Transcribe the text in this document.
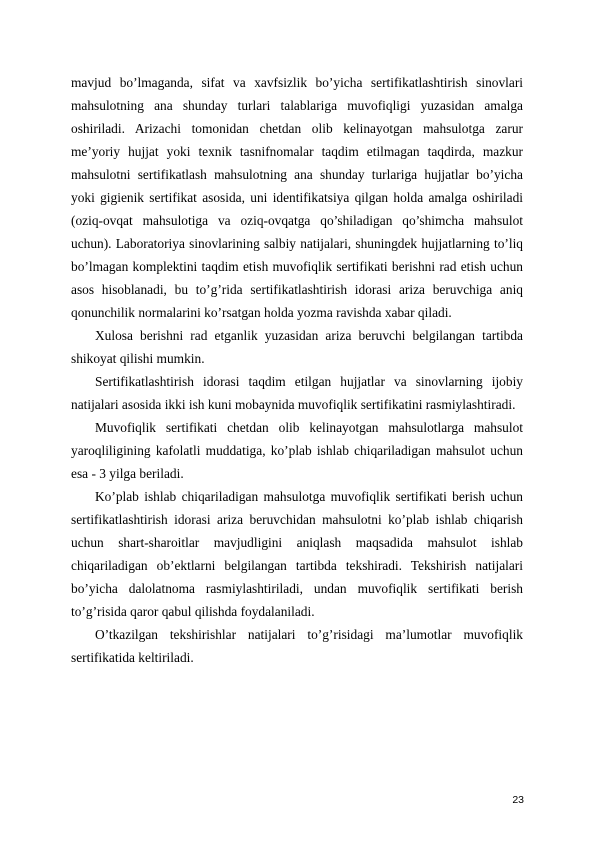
mavjud bo’lmaganda, sifat va xavfsizlik bo’yicha sertifikatlashtirish sinovlari mahsulotning ana shunday turlari talablariga muvofiqligi yuzasidan amalga oshiriladi. Arizachi tomonidan chetdan olib kelinayotgan mahsulotga zarur me’yoriy hujjat yoki texnik tasnifnomalar taqdim etilmagan taqdirda, mazkur mahsulotni sertifikatlash mahsulotning ana shunday turlariga hujjatlar bo’yicha yoki gigienik sertifikat asosida, uni identifikatsiya qilgan holda amalga oshiriladi (oziq-ovqat mahsulotiga va oziq-ovqatga qo’shiladigan qo’shimcha mahsulot uchun). Laboratoriya sinovlarining salbiy natijalari, shuningdek hujjatlarning to’liq bo’lmagan komplektini taqdim etish muvofiqlik sertifikati berishni rad etish uchun asos hisoblanadi, bu to’g’rida sertifikatlashtirish idorasi ariza beruvchiga aniq qonunchilik normalarini ko’rsatgan holda yozma ravishda xabar qiladi.

Xulosa berishni rad etganlik yuzasidan ariza beruvchi belgilangan tartibda shikoyat qilishi mumkin.

Sertifikatlashtirish idorasi taqdim etilgan hujjatlar va sinovlarning ijobiy natijalari asosida ikki ish kuni mobaynida muvofiqlik sertifikatini rasmiylashtiradi.

Muvofiqlik sertifikati chetdan olib kelinayotgan mahsulotlarga mahsulot yaroqliligining kafolatli muddatiga, ko’plab ishlab chiqariladigan mahsulot uchun esa - 3 yilga beriladi.

Ko’plab ishlab chiqariladigan mahsulotga muvofiqlik sertifikati berish uchun sertifikatlashtirish idorasi ariza beruvchidan mahsulotni ko’plab ishlab chiqarish uchun shart-sharoitlar mavjudligini aniqlash maqsadida mahsulot ishlab chiqariladigan ob’ektlarni belgilangan tartibda tekshiradi. Tekshirish natijalari bo’yicha dalolatnoma rasmiylashtiriladi, undan muvofiqlik sertifikati berish to’g’risida qaror qabul qilishda foydalaniladi.

O’tkazilgan tekshirishlar natijalari to’g’risidagi ma’lumotlar muvofiqlik sertifikatida keltiriladi.

23
